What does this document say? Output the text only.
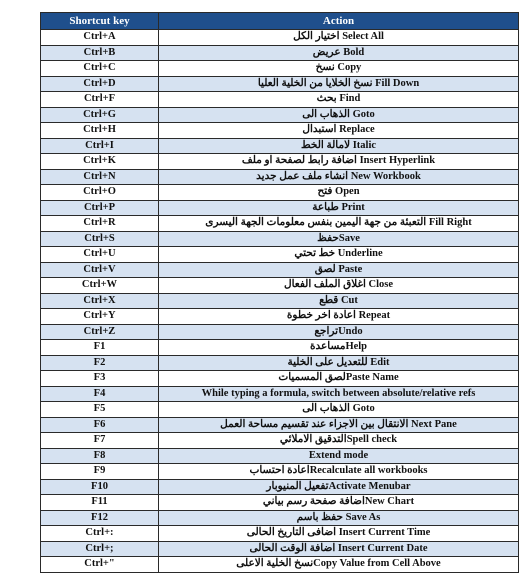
Shortcut key	Action
Ctrl+A	اختيار الكل Select All
Ctrl+B	عريض Bold
Ctrl+C	نسخ Copy
Ctrl+D	نسخ الخلايا من الخلية العليا Fill Down
Ctrl+F	بحث Find
Ctrl+G	الذهاب الى Goto
Ctrl+H	استبدال Replace
Ctrl+I	لامالة الخط Italic
Ctrl+K	اضافة رابط لصفحة او ملف Insert Hyperlink
Ctrl+N	انشاء ملف عمل جديد New Workbook
Ctrl+O	فتح Open
Ctrl+P	طباعة Print
Ctrl+R	التعبئة من جهة اليمين بنفس معلومات الجهة اليسرى Fill Right
Ctrl+S	حفظSave
Ctrl+U	خط تحتي Underline
Ctrl+V	لصق Paste
Ctrl+W	اغلاق الملف الفعال Close
Ctrl+X	قطع Cut
Ctrl+Y	اعادة اخر خطوة Repeat
Ctrl+Z	تراجعUndo
F1	مساعدةHelp
F2	للتعديل على الخلية Edit
F3	لصق المسمياتPaste Name
F4	While typing a formula, switch between absolute/relative refs
F5	الذهاب الى Goto
F6	الانتقال بين الاجزاء عند تقسيم مساحة العمل Next Pane
F7	التدقيق الاملائيSpell check
F8	Extend mode
F9	اعادة احتسابRecalculate all workbooks
F10	تفعيل المنيوبارActivate Menubar
F11	اضافة صفحة رسم بيانيNew Chart
F12	حفظ باسم Save As
Ctrl+:	اضافى التاريخ الحالى Insert Current Time
Ctrl+;	اضافة الوقت الحالى Insert Current Date
Ctrl+"	نسخ الخلية الاعلىCopy Value from Cell Above
